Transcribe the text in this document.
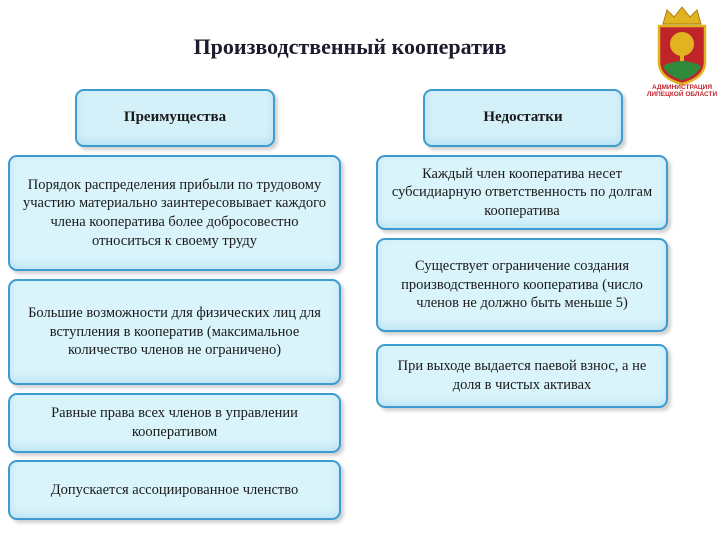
Производственный кооператив
АДМИНИСТРАЦИЯ
ЛИПЕЦКОЙ ОБЛАСТИ
Преимущества	Недостатки
Порядок распределения прибыли по трудовому участию материально заинтересовывает каждого члена кооператива более добросовестно относиться к своему труду
Большие возможности для физических лиц для вступления в кооператив (максимальное количество членов не ограничено)
Равные права всех членов в управлении кооперативом
Допускается ассоциированное членство
Каждый член кооператива несет субсидиарную ответственность по долгам кооператива
Существует ограничение создания производственного кооператива (число членов не должно быть меньше 5)
При выходе выдается паевой взнос, а не доля в чистых активах
